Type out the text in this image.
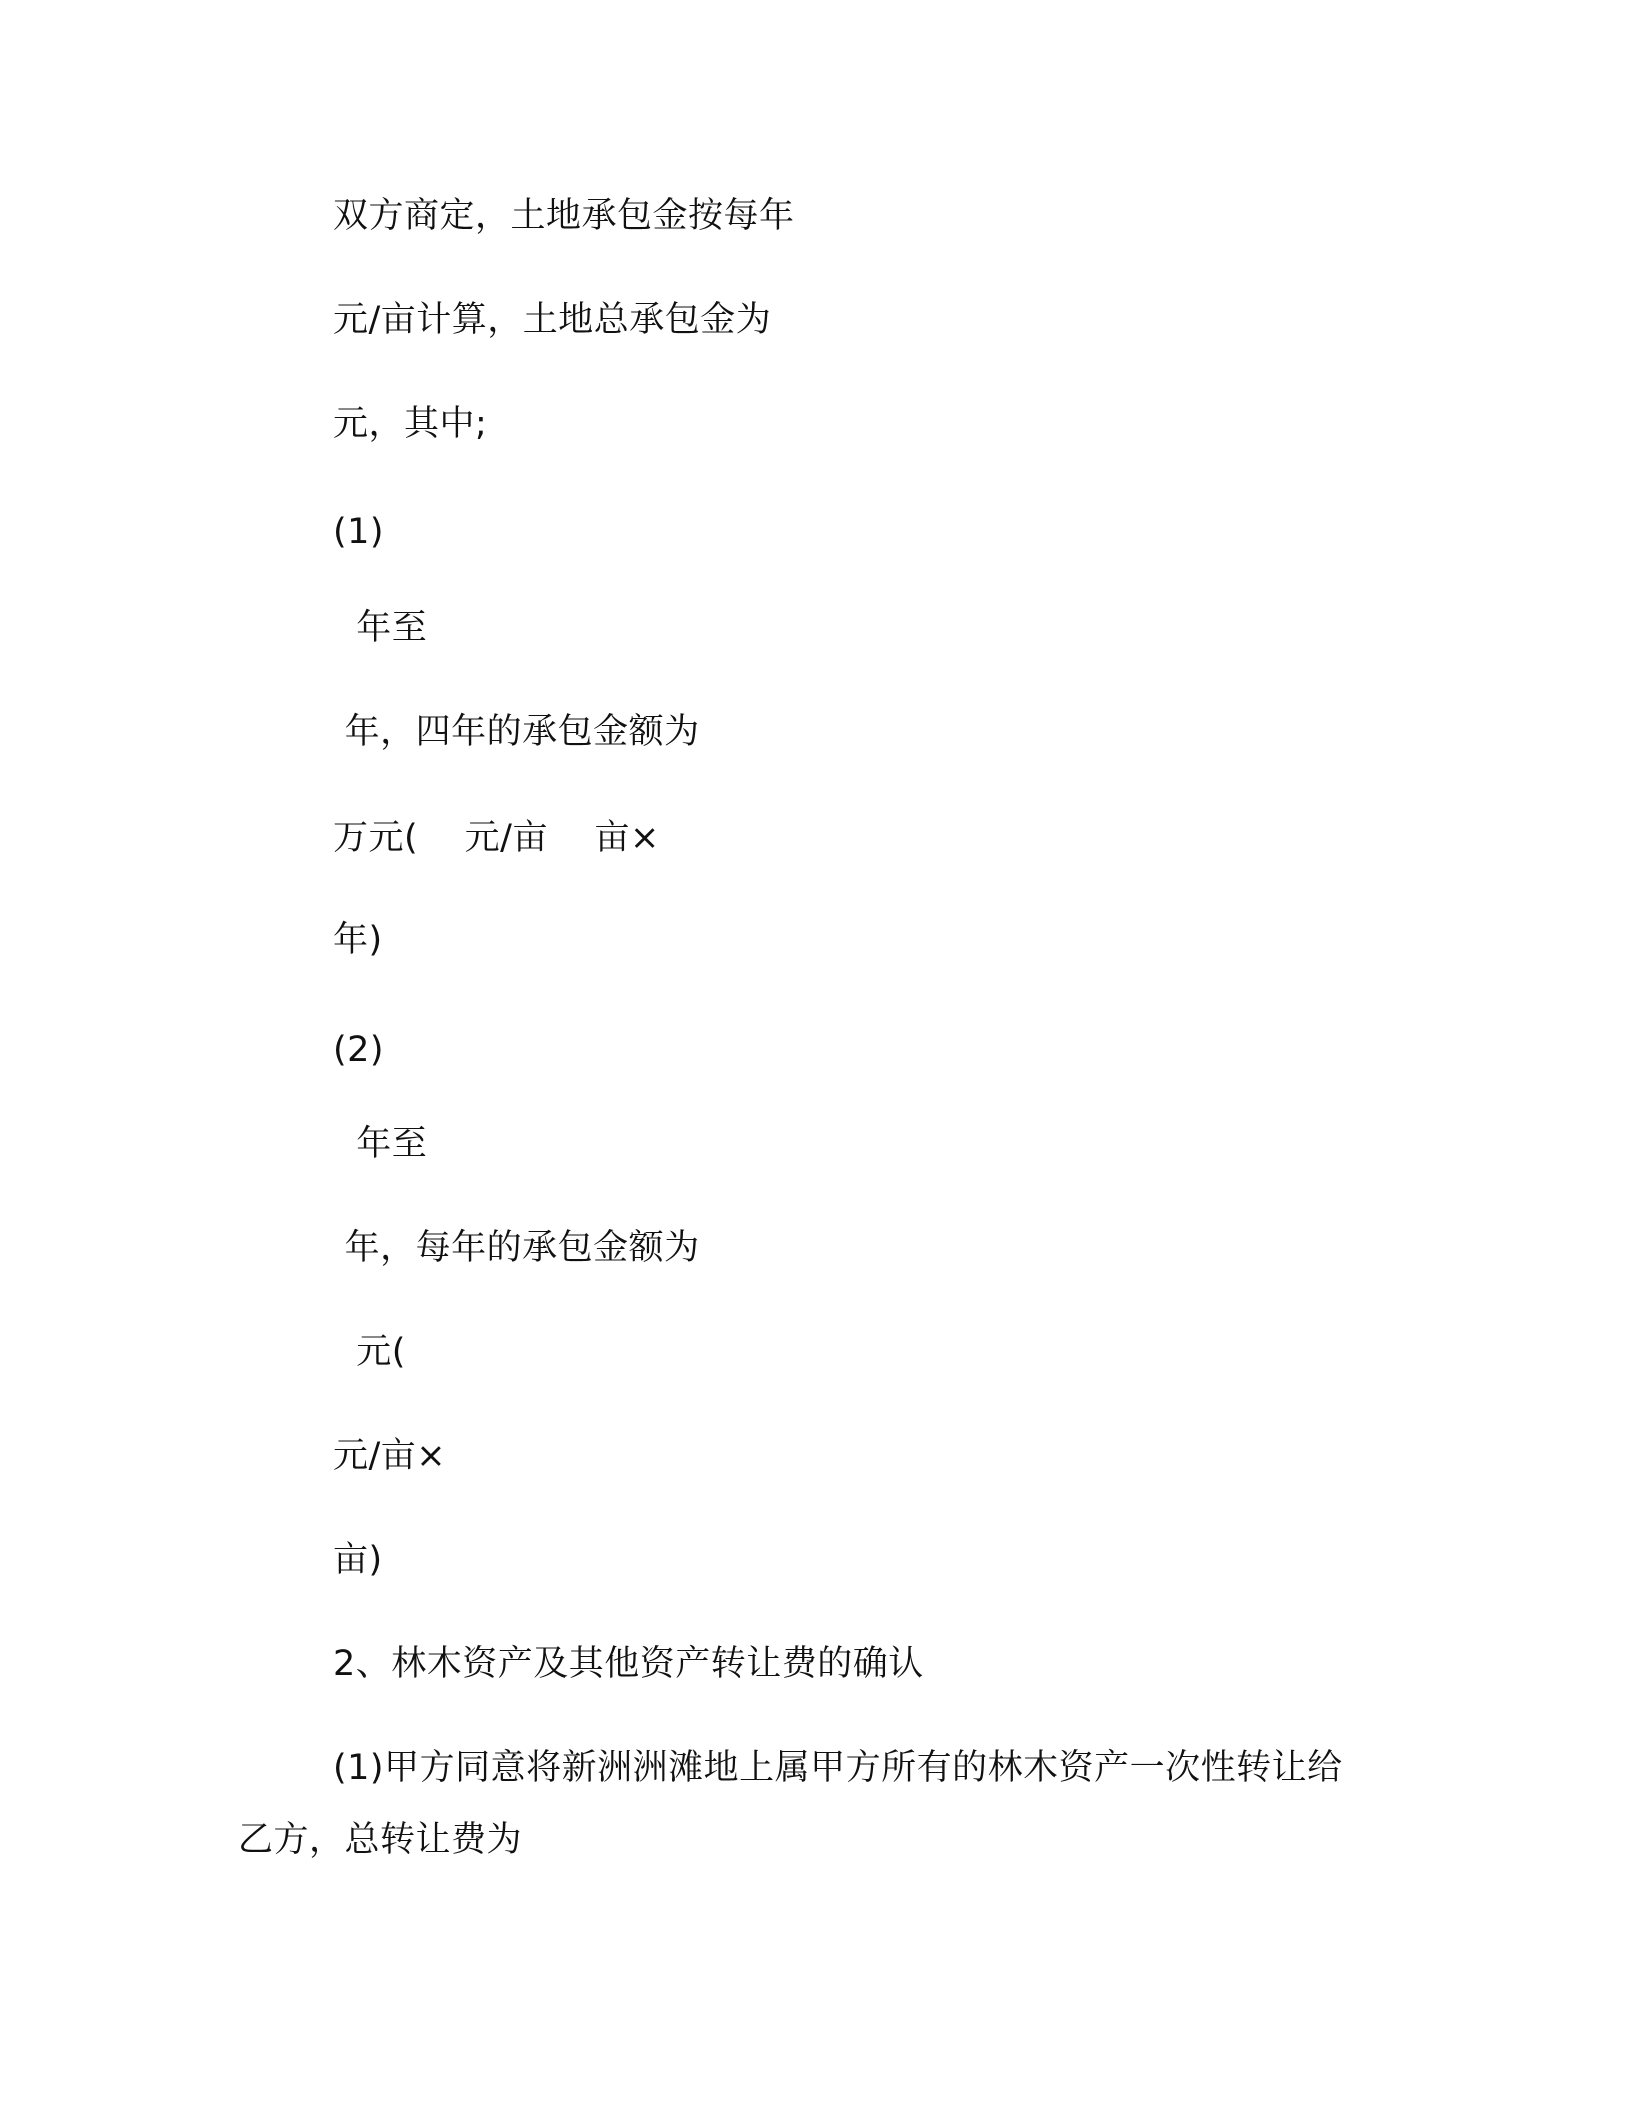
双方商定，土地承包金按每年
元/亩计算，土地总承包金为
元，其中;
(1)
年至
年，四年的承包金额为
万元(    元/亩    亩×
年)
(2)
年至
年，每年的承包金额为
元(
元/亩×
亩)
2、林木资产及其他资产转让费的确认
(1)甲方同意将新洲洲滩地上属甲方所有的林木资产一次性转让给
乙方，总转让费为
